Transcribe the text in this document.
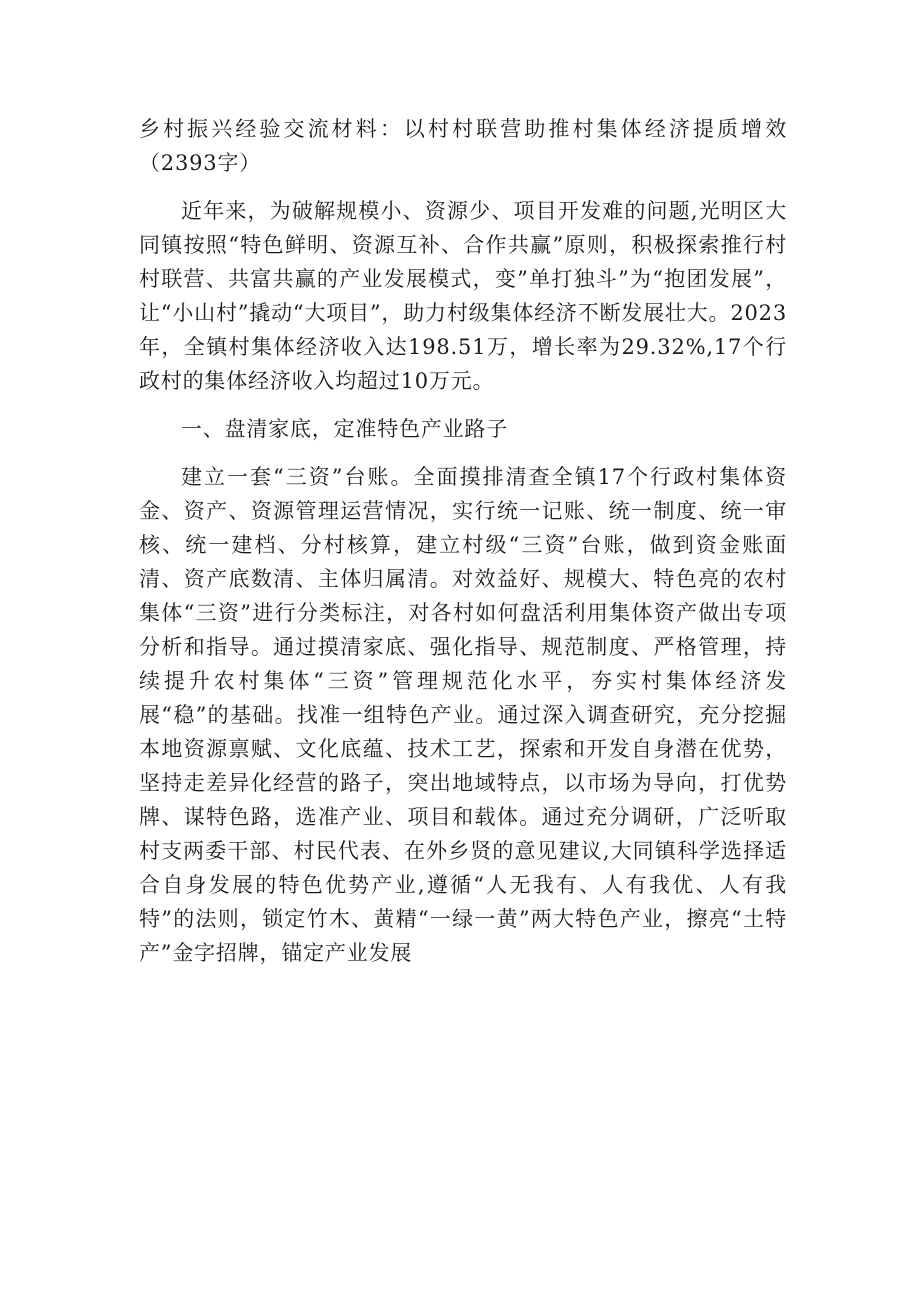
乡村振兴经验交流材料：以村村联营助推村集体经济提质增效（2393字）

近年来，为破解规模小、资源少、项目开发难的问题,光明区大同镇按照“特色鲜明、资源互补、合作共赢”原则，积极探索推行村村联营、共富共赢的产业发展模式，变”单打独斗”为“抱团发展”，让“小山村”撬动“大项目”，助力村级集体经济不断发展壮大。2023年，全镇村集体经济收入达198.51万，增长率为29.32%,17个行政村的集体经济收入均超过10万元。

一、盘清家底，定准特色产业路子

建立一套“三资”台账。全面摸排清查全镇17个行政村集体资金、资产、资源管理运营情况，实行统一记账、统一制度、统一审核、统一建档、分村核算，建立村级“三资”台账，做到资金账面清、资产底数清、主体归属清。对效益好、规模大、特色亮的农村集体“三资”进行分类标注，对各村如何盘活利用集体资产做出专项分析和指导。通过摸清家底、强化指导、规范制度、严格管理，持续提升农村集体“三资”管理规范化水平，夯实村集体经济发展“稳”的基础。找准一组特色产业。通过深入调查研究，充分挖掘本地资源禀赋、文化底蕴、技术工艺，探索和开发自身潜在优势，坚持走差异化经营的路子，突出地域特点，以市场为导向，打优势牌、谋特色路，选准产业、项目和载体。通过充分调研，广泛听取村支两委干部、村民代表、在外乡贤的意见建议,大同镇科学选择适合自身发展的特色优势产业,遵循“人无我有、人有我优、人有我特”的法则，锁定竹木、黄精“一绿一黄”两大特色产业，擦亮“土特产”金字招牌，锚定产业发展
